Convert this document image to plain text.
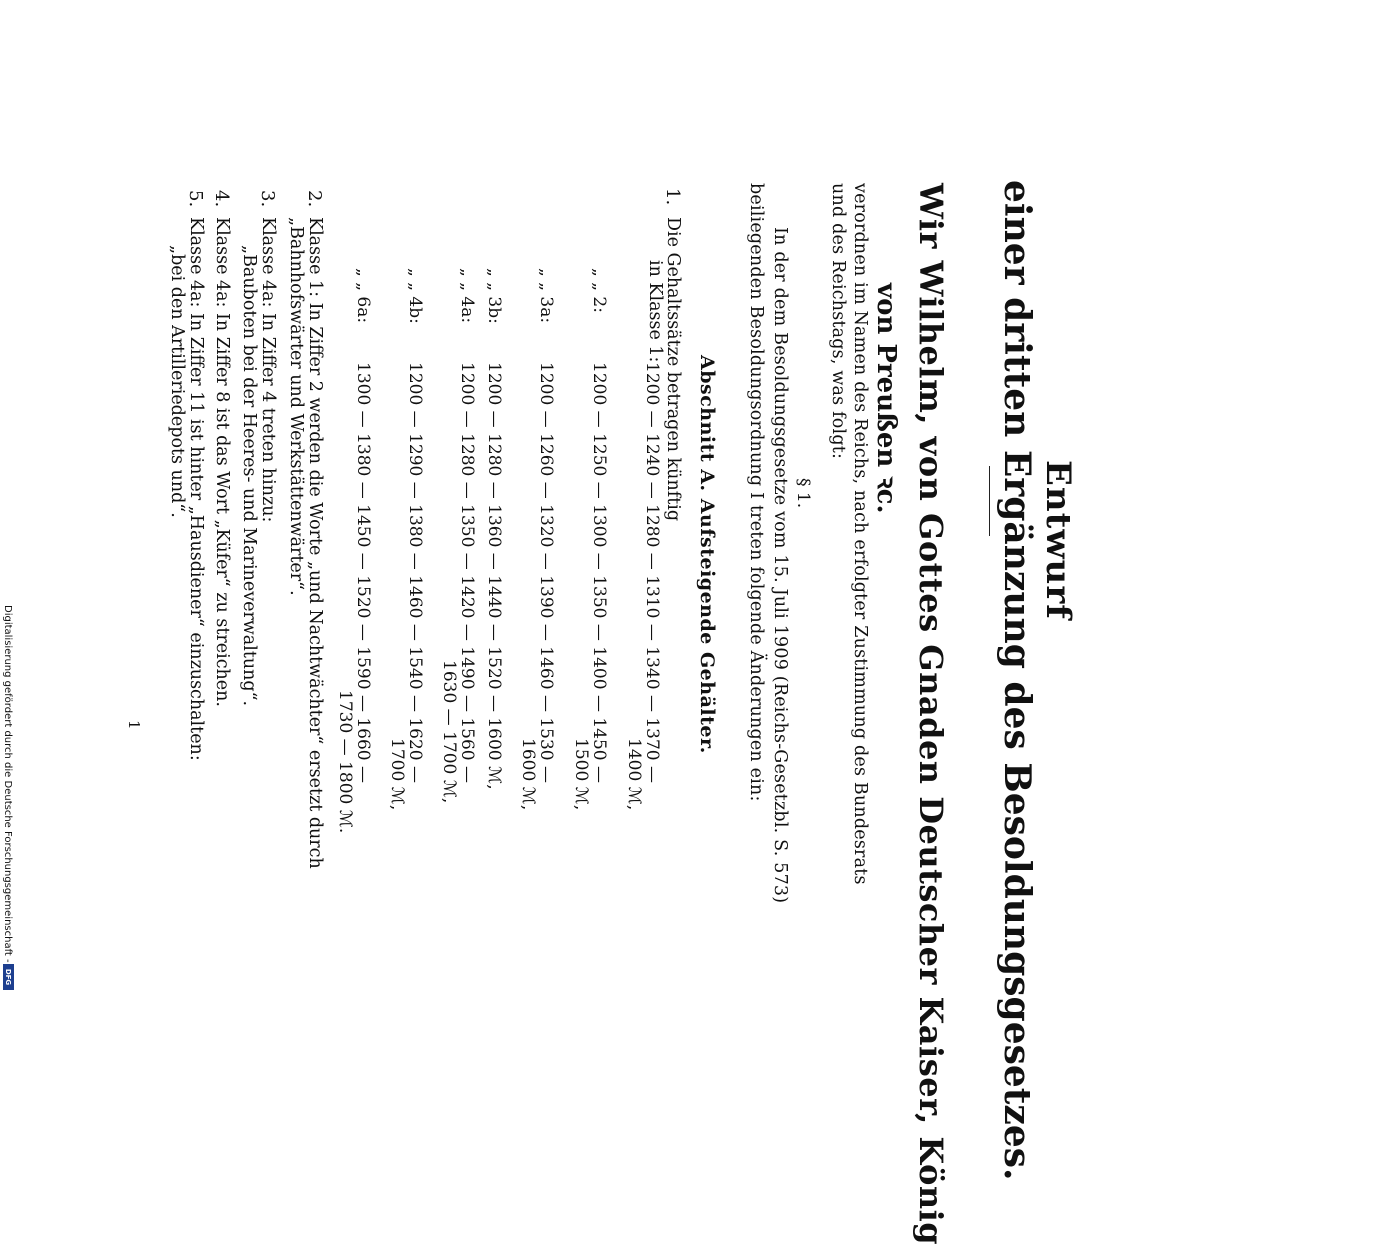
Digitalisierung gefördert durch die Deutsche Forschungsgemeinschaft -
DFG
Entwurf
einer dritten Ergänzung des Besoldungsgesetzes.
Wir Wilhelm, von Gottes Gnaden Deutscher Kaiser, König
von Preußen ꝛc.
verordnen im Namen des Reichs, nach erfolgter Zustimmung des Bundesrats
und des Reichstags, was folgt:
§ 1.
In der dem Besoldungsgesetze vom 15. Juli 1909 (Reichs-Gesetzbl. S. 573)
beiliegenden Besoldungsordnung I treten folgende Änderungen ein:
Abschnitt A. Aufsteigende Gehälter.
1.
Die Gehaltssätze betragen künftig
in Klasse 1:
„ „ 2:
„ „ 3a:
„ „ 3b:
„ „ 4a:
„ „ 4b:
„ „ 6a:
1200 — 1240 — 1280 — 1310 — 1340 — 1370 —
1400 ℳ,
1200 — 1250 — 1300 — 1350 — 1400 — 1450 —
1500 ℳ,
1200 — 1260 — 1320 — 1390 — 1460 — 1530 —
1600 ℳ,
1200 — 1280 — 1360 — 1440 — 1520 — 1600 ℳ,
1200 — 1280 — 1350 — 1420 — 1490 — 1560 —
1630 — 1700 ℳ,
1200 — 1290 — 1380 — 1460 — 1540 — 1620 —
1700 ℳ,
1300 — 1380 — 1450 — 1520 — 1590 — 1660 —
1730 — 1800 ℳ.
2.
Klasse 1: In Ziffer 2 werden die Worte „und Nachtwächter“ ersetzt durch
„Bahnhofswärter und Werkstättenwärter“.
3.
Klasse 4a: In Ziffer 4 treten hinzu:
„Bauboten bei der Heeres- und Marineverwaltung“.
4.
Klasse 4a: In Ziffer 8 ist das Wort „Küfer“ zu streichen.
5.
Klasse 4a: In Ziffer 11 ist hinter „Hausdiener“ einzuschalten:
„bei den Artilleriedepots und“.
1
